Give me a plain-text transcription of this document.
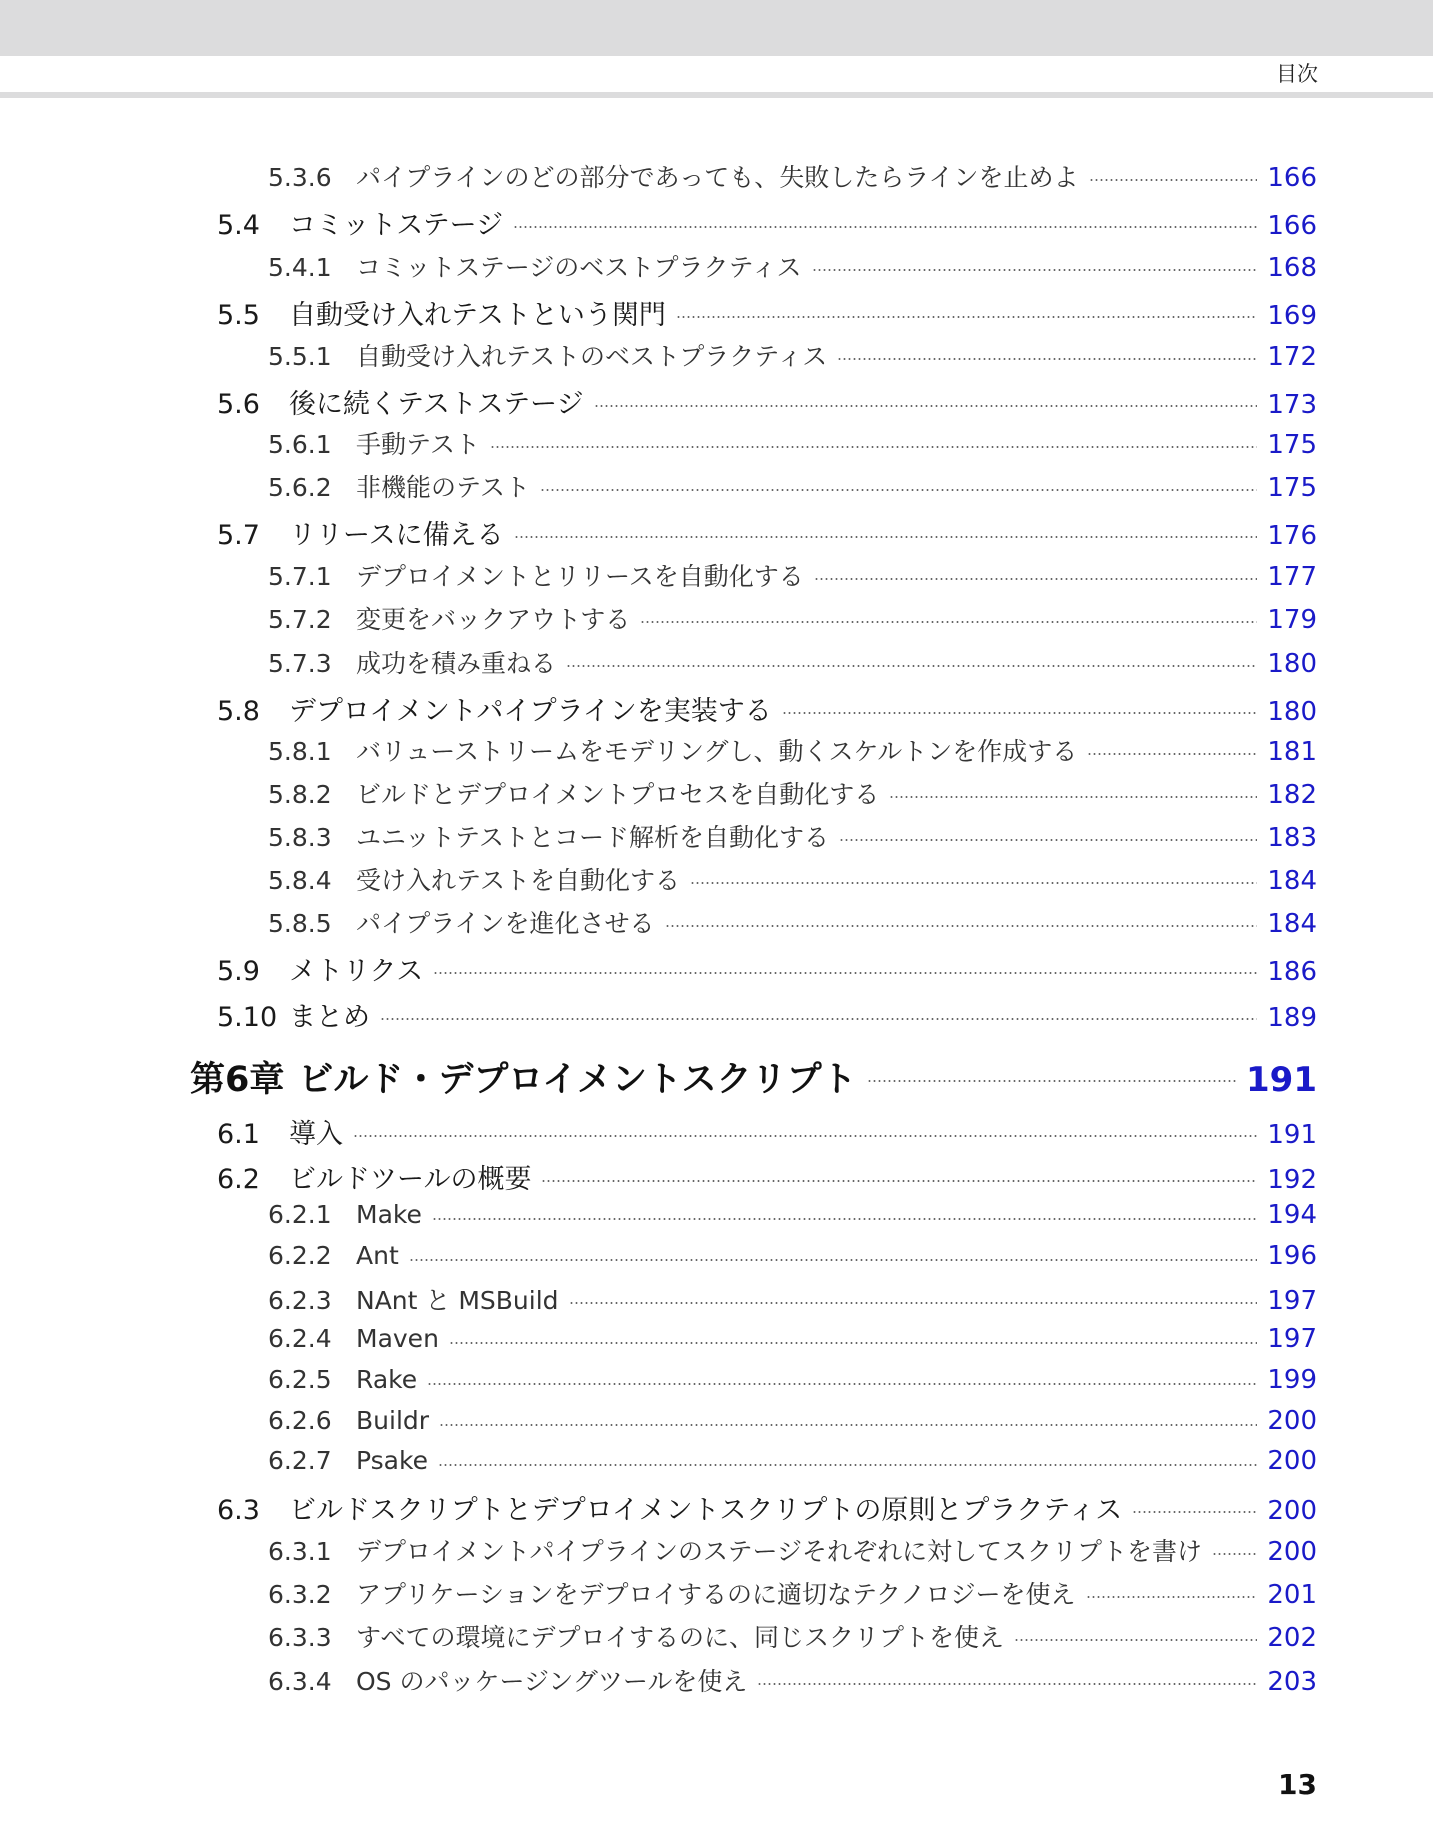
目次
5.3.6 パイプラインのどの部分であっても、失敗したらラインを止めよ	166
5.4	コミットステージ	166
5.4.1 コミットステージのベストプラクティス	168
5.5	自動受け入れテストという関門	169
5.5.1 自動受け入れテストのベストプラクティス	172
5.6	後に続くテストステージ	173
5.6.1 手動テスト	175
5.6.2 非機能のテスト	175
5.7	リリースに備える	176
5.7.1 デプロイメントとリリースを自動化する	177
5.7.2 変更をバックアウトする	179
5.7.3 成功を積み重ねる	180
5.8	デプロイメントパイプラインを実装する	180
5.8.1 バリューストリームをモデリングし、動くスケルトンを作成する	181
5.8.2 ビルドとデプロイメントプロセスを自動化する	182
5.8.3 ユニットテストとコード解析を自動化する	183
5.8.4 受け入れテストを自動化する	184
5.8.5 パイプラインを進化させる	184
5.9	メトリクス	186
5.10 まとめ	189
第6章 ビルド・デプロイメントスクリプト	191
6.1	導入	191
6.2	ビルドツールの概要	192
6.2.1 Make	194
6.2.2 Ant	196
6.2.3 NAnt と MSBuild	197
6.2.4 Maven	197
6.2.5 Rake	199
6.2.6 Buildr	200
6.2.7 Psake	200
6.3	ビルドスクリプトとデプロイメントスクリプトの原則とプラクティス	200
6.3.1 デプロイメントパイプラインのステージそれぞれに対してスクリプトを書け	200
6.3.2 アプリケーションをデプロイするのに適切なテクノロジーを使え	201
6.3.3 すべての環境にデプロイするのに、同じスクリプトを使え	202
6.3.4 OS のパッケージングツールを使え	203
13
